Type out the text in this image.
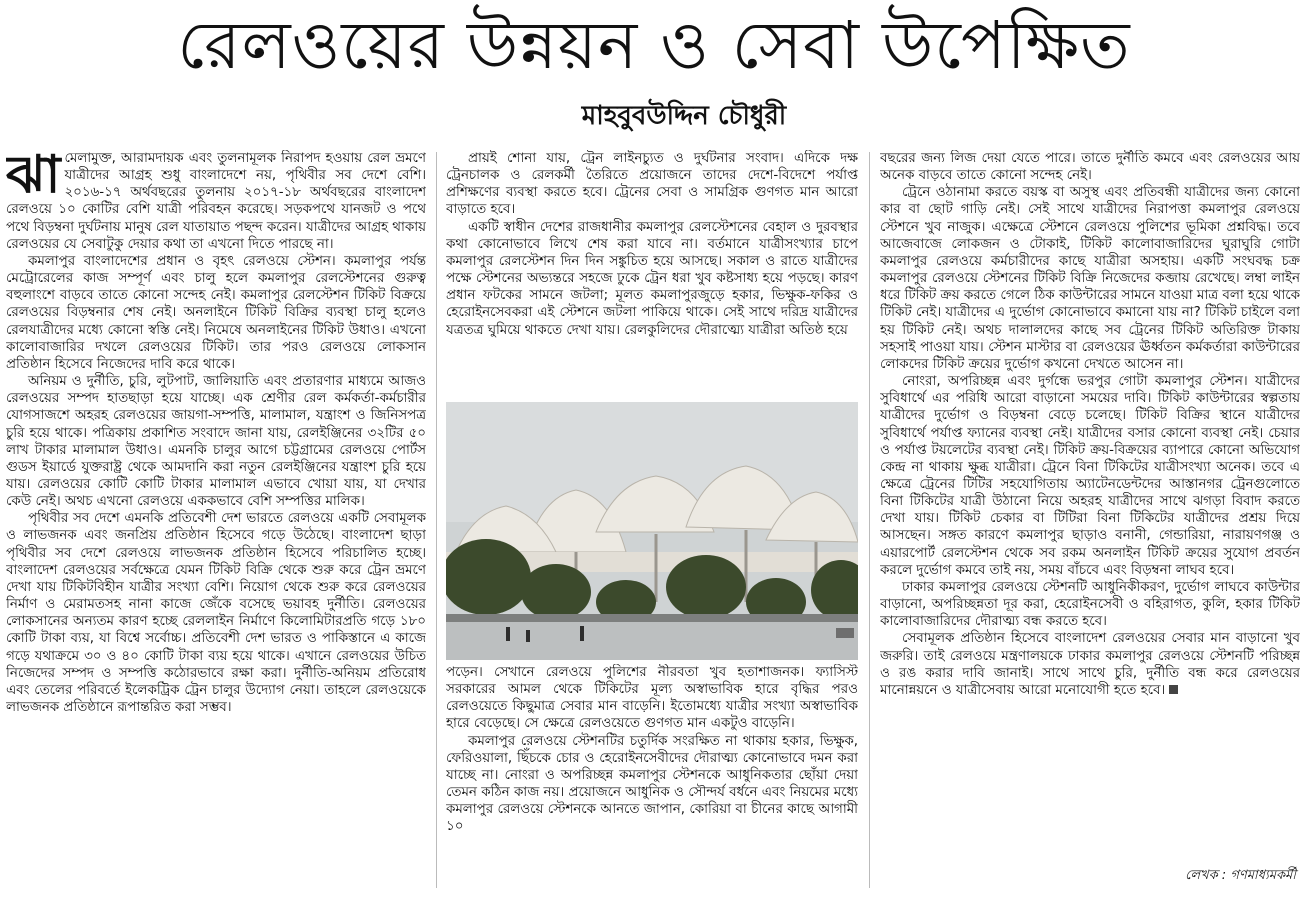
রেলওয়ের উন্নয়ন ও সেবা উপেক্ষিত
মাহবুবউদ্দিন চৌধুরী

ঝামেলামুক্ত, আরামদায়ক এবং তুলনামূলক নিরাপদ হওয়ায় রেল ভ্রমণে যাত্রীদের আগ্রহ শুধু বাংলাদেশে নয়, পৃথিবীর সব দেশে বেশি। ২০১৬-১৭ অর্থবছরের তুলনায় ২০১৭-১৮ অর্থবছরের বাংলাদেশ রেলওয়ে ১০ কোটির বেশি যাত্রী পরিবহন করেছে। সড়কপথে যানজট ও পথে পথে বিড়ম্বনা দুর্ঘটনায় মানুষ রেল যাতায়াত পছন্দ করেন। যাত্রীদের আগ্রহ থাকায় রেলওয়ের যে সেবাটুকু দেয়ার কথা তা এখনো দিতে পারছে না।

কমলাপুর বাংলাদেশের প্রধান ও বৃহৎ রেলওয়ে স্টেশন। কমলাপুর পর্যন্ত মেট্রোরেলের কাজ সম্পূর্ণ এবং চালু হলে কমলাপুর রেলস্টেশনের গুরুত্ব বহুলাংশে বাড়বে তাতে কোনো সন্দেহ নেই। কমলাপুর রেলস্টেশন টিকিট বিক্রয়ে রেলওয়ের বিড়ম্বনার শেষ নেই। অনলাইনে টিকিট বিক্রির ব্যবস্থা চালু হলেও রেলযাত্রীদের মধ্যে কোনো স্বস্তি নেই। নিমেষে অনলাইনের টিকিট উধাও। এখনো কালোবাজারির দখলে রেলওয়ের টিকিট। তার পরও রেলওয়ে লোকসান প্রতিষ্ঠান হিসেবে নিজেদের দাবি করে থাকে।

অনিয়ম ও দুর্নীতি, চুরি, লুটপাট, জালিয়াতি এবং প্রতারণার মাধ্যমে আজও রেলওয়ের সম্পদ হাতছাড়া হয়ে যাচ্ছে। এক শ্রেণীর রেল কর্মকর্তা-কর্মচারীর যোগসাজশে অহরহ রেলওয়ের জায়গা-সম্পত্তি, মালামাল, যন্ত্রাংশ ও জিনিসপত্র চুরি হয়ে থাকে। পত্রিকায় প্রকাশিত সংবাদে জানা যায়, রেলইঞ্জিনের ৩২টির ৫০ লাখ টাকার মালামাল উধাও। এমনকি চালুর আগে চট্টগ্রামের রেলওয়ে পোর্টস গুডস ইয়ার্ডে যুক্তরাষ্ট্র থেকে আমদানি করা নতুন রেলইঞ্জিনের যন্ত্রাংশ চুরি হয়ে যায়। রেলওয়ের কোটি কোটি টাকার মালামাল এভাবে খোয়া যায়, যা দেখার কেউ নেই। অথচ এখনো রেলওয়ে এককভাবে বেশি সম্পত্তির মালিক।

পৃথিবীর সব দেশে এমনকি প্রতিবেশী দেশ ভারতে রেলওয়ে একটি সেবামূলক ও লাভজনক এবং জনপ্রিয় প্রতিষ্ঠান হিসেবে গড়ে উঠেছে। বাংলাদেশ ছাড়া পৃথিবীর সব দেশে রেলওয়ে লাভজনক প্রতিষ্ঠান হিসেবে পরিচালিত হচ্ছে। বাংলাদেশ রেলওয়ের সর্বক্ষেত্রে যেমন টিকিট বিক্রি থেকে শুরু করে ট্রেন ভ্রমণে দেখা যায় টিকিটবিহীন যাত্রীর সংখ্যা বেশি। নিয়োগ থেকে শুরু করে রেলওয়ের নির্মাণ ও মেরামতসহ নানা কাজে জেঁকে বসেছে ভয়াবহ দুর্নীতি। রেলওয়ের লোকসানের অন্যতম কারণ হচ্ছে রেললাইন নির্মাণে কিলোমিটারপ্রতি গড়ে ১৮০ কোটি টাকা ব্যয়, যা বিশ্বে সর্বোচ্চ। প্রতিবেশী দেশ ভারত ও পাকিস্তানে এ কাজে গড়ে যথাক্রমে ৩০ ও ৪০ কোটি টাকা ব্যয় হয়ে থাকে। এখানে রেলওয়ের উচিত নিজেদের সম্পদ ও সম্পত্তি কঠোরভাবে রক্ষা করা। দুর্নীতি-অনিয়ম প্রতিরোধ এবং তেলের পরিবর্তে ইলেকট্রিক ট্রেন চালুর উদ্যোগ নেয়া। তাহলে রেলওয়েকে লাভজনক প্রতিষ্ঠানে রূপান্তরিত করা সম্ভব।

প্রায়ই শোনা যায়, ট্রেন লাইনচ্যুত ও দুর্ঘটনার সংবাদ। এদিকে দক্ষ ট্রেনচালক ও রেলকর্মী তৈরিতে প্রয়োজনে তাদের দেশে-বিদেশে পর্যাপ্ত প্রশিক্ষণের ব্যবস্থা করতে হবে। ট্রেনের সেবা ও সামগ্রিক গুণগত মান আরো বাড়াতে হবে।

একটি স্বাধীন দেশের রাজধানীর কমলাপুর রেলস্টেশনের বেহাল ও দুরবস্থার কথা কোনোভাবে লিখে শেষ করা যাবে না। বর্তমানে যাত্রীসংখ্যার চাপে কমলাপুর রেলস্টেশন দিন দিন সঙ্কুচিত হয়ে আসছে। সকাল ও রাতে যাত্রীদের পক্ষে স্টেশনের অভ্যন্তরে সহজে ঢুকে ট্রেন ধরা খুব কষ্টসাধ্য হয়ে পড়ছে। কারণ প্রধান ফটকের সামনে জটলা; মূলত কমলাপুরজুড়ে হকার, ভিক্ষুক-ফকির ও হেরোইনসেবকরা এই স্টেশনে জটলা পাকিয়ে থাকে। সেই সাথে দরিদ্র যাত্রীদের যত্রতত্র ঘুমিয়ে থাকতে দেখা যায়। রেলকুলিদের দৌরাত্ম্যে যাত্রীরা অতিষ্ঠ হয়ে

পড়েন। সেখানে রেলওয়ে পুলিশের নীরবতা খুব হতাশাজনক। ফ্যাসিস্ট সরকারের আমল থেকে টিকিটের মূল্য অস্বাভাবিক হারে বৃদ্ধির পরও রেলওয়েতে কিছুমাত্র সেবার মান বাড়েনি। ইতোমধ্যে যাত্রীর সংখ্যা অস্বাভাবিক হারে বেড়েছে। সে ক্ষেত্রে রেলওয়েতে গুণগত মান একটুও বাড়েনি।

কমলাপুর রেলওয়ে স্টেশনটির চতুর্দিক সংরক্ষিত না থাকায় হকার, ভিক্ষুক, ফেরিওয়ালা, ছিঁচকে চোর ও হেরোইনসেবীদের দৌরাত্ম্য কোনোভাবে দমন করা যাচ্ছে না। নোংরা ও অপরিচ্ছন্ন কমলাপুর স্টেশনকে আধুনিকতার ছোঁয়া দেয়া তেমন কঠিন কাজ নয়। প্রয়োজনে আধুনিক ও সৌন্দর্য বর্ধনে এবং নিয়মের মধ্যে কমলাপুর রেলওয়ে স্টেশনকে আনতে জাপান, কোরিয়া বা চীনের কাছে আগামী ১০

বছরের জন্য লিজ দেয়া যেতে পারে। তাতে দুর্নীতি কমবে এবং রেলওয়ের আয় অনেক বাড়বে তাতে কোনো সন্দেহ নেই।

ট্রেনে ওঠানামা করতে বয়স্ক বা অসুস্থ এবং প্রতিবন্ধী যাত্রীদের জন্য কোনো কার বা ছোট গাড়ি নেই। সেই সাথে যাত্রীদের নিরাপত্তা কমলাপুর রেলওয়ে স্টেশনে খুব নাজুক। এক্ষেত্রে স্টেশনে রেলওয়ে পুলিশের ভূমিকা প্রশ্নবিদ্ধ। তবে আজেবাজে লোকজন ও টোকাই, টিকিট কালোবাজারিদের ঘুরাঘুরি গোটা কমলাপুর রেলওয়ে কর্মচারীদের কাছে যাত্রীরা অসহায়। একটি সংঘবদ্ধ চক্র কমলাপুর রেলওয়ে স্টেশনের টিকিট বিক্রি নিজেদের কব্জায় রেখেছে। লম্বা লাইন ধরে টিকিট ক্রয় করতে গেলে ঠিক কাউন্টারের সামনে যাওয়া মাত্র বলা হয়ে থাকে টিকিট নেই। যাত্রীদের এ দুর্ভোগ কোনোভাবে কমানো যায় না? টিকিট চাইলে বলা হয় টিকিট নেই। অথচ দালালদের কাছে সব ট্রেনের টিকিট অতিরিক্ত টাকায় সহসাই পাওয়া যায়। স্টেশন মাস্টার বা রেলওয়ের ঊর্ধ্বতন কর্মকর্তারা কাউন্টারের লোকদের টিকিট ক্রয়ের দুর্ভোগ কখনো দেখতে আসেন না।

নোংরা, অপরিচ্ছন্ন এবং দুর্গন্ধে ভরপুর গোটা কমলাপুর স্টেশন। যাত্রীদের সুবিধার্থে এর পরিধি আরো বাড়ানো সময়ের দাবি। টিকিট কাউন্টারের স্বল্পতায় যাত্রীদের দুর্ভোগ ও বিড়ম্বনা বেড়ে চলেছে। টিকিট বিক্রির স্থানে যাত্রীদের সুবিধার্থে পর্যাপ্ত ফ্যানের ব্যবস্থা নেই। যাত্রীদের বসার কোনো ব্যবস্থা নেই। চেয়ার ও পর্যাপ্ত টয়লেটের ব্যবস্থা নেই। টিকিট ক্রয়-বিক্রয়ের ব্যাপারে কোনো অভিযোগ কেন্দ্র না থাকায় ক্ষুব্ধ যাত্রীরা। ট্রেনে বিনা টিকিটের যাত্রীসংখ্যা অনেক। তবে এ ক্ষেত্রে ট্রেনের টিটির সহযোগিতায় অ্যাটেনডেন্টদের আস্তানগর ট্রেনগুলোতে বিনা টিকিটের যাত্রী উঠানো নিয়ে অহরহ যাত্রীদের সাথে ঝগড়া বিবাদ করতে দেখা যায়। টিকিট চেকার বা টিটিরা বিনা টিকিটের যাত্রীদের প্রশ্রয় দিয়ে আসছেন। সঙ্গত কারণে কমলাপুর ছাড়াও বনানী, গেন্ডারিয়া, নারায়ণগঞ্জ ও এয়ারপোর্ট রেলস্টেশন থেকে সব রকম অনলাইন টিকিট ক্রয়ের সুযোগ প্রবর্তন করলে দুর্ভোগ কমবে তাই নয়, সময় বাঁচবে এবং বিড়ম্বনা লাঘব হবে।

ঢাকার কমলাপুর রেলওয়ে স্টেশনটি আধুনিকীকরণ, দুর্ভোগ লাঘবে কাউন্টার বাড়ানো, অপরিচ্ছন্নতা দূর করা, হেরোইনসেবী ও বহিরাগত, কুলি, হকার টিকিট কালোবাজারিদের দৌরাত্ম্য বন্ধ করতে হবে।

সেবামূলক প্রতিষ্ঠান হিসেবে বাংলাদেশ রেলওয়ের সেবার মান বাড়ানো খুব জরুরি। তাই রেলওয়ে মন্ত্রণালয়কে ঢাকার কমলাপুর রেলওয়ে স্টেশনটি পরিচ্ছন্ন ও রঙ করার দাবি জানাই। সাথে সাথে চুরি, দুর্নীতি বন্ধ করে রেলওয়ের মানোন্নয়নে ও যাত্রীসেবায় আরো মনোযোগী হতে হবে।

লেখক : গণমাধ্যমকর্মী
